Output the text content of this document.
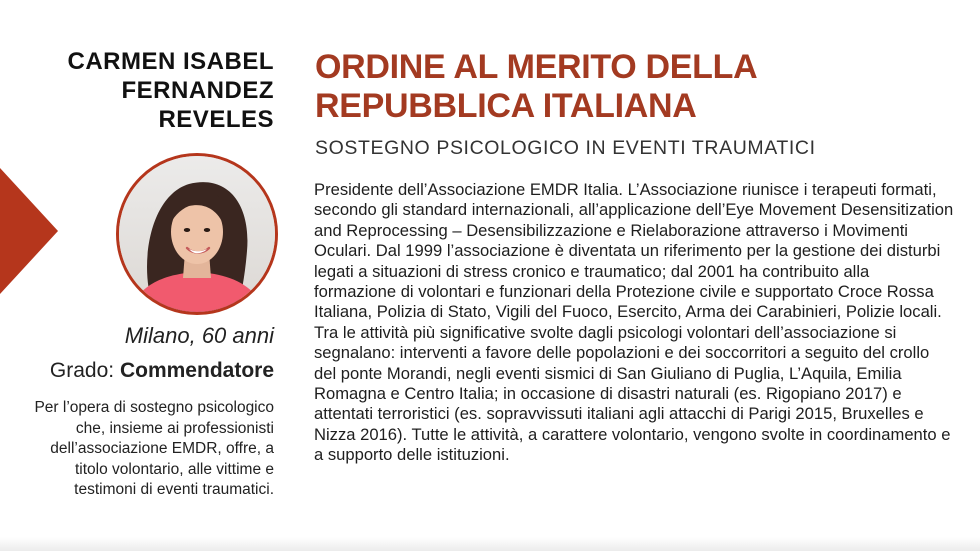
CARMEN ISABEL
FERNANDEZ
REVELES
Milano, 60 anni
Grado: Commendatore
Per l’opera di sostegno psicologico che, insieme ai professionisti dell’associazione EMDR, offre, a titolo volontario, alle vittime e testimoni di eventi traumatici.
ORDINE AL MERITO DELLA
REPUBBLICA ITALIANA
SOSTEGNO PSICOLOGICO IN EVENTI TRAUMATICI

Presidente dell’Associazione EMDR Italia. L’Associazione riunisce i terapeuti formati, secondo gli standard internazionali, all’applicazione dell’Eye Movement Desensitization and Reprocessing – Desensibilizzazione e Rielaborazione attraverso i Movimenti Oculari. Dal 1999 l’associazione è diventata un riferimento per la gestione dei disturbi legati a situazioni di stress cronico e traumatico; dal 2001 ha contribuito alla formazione di volontari e funzionari della Protezione civile e supportato Croce Rossa Italiana, Polizia di Stato, Vigili del Fuoco, Esercito, Arma dei Carabinieri, Polizie locali.

Tra le attività più significative svolte dagli psicologi volontari dell’associazione si segnalano: interventi a favore delle popolazioni e dei soccorritori a seguito del crollo del ponte Morandi, negli eventi sismici di San Giuliano di Puglia, L’Aquila, Emilia Romagna e Centro Italia; in occasione di disastri naturali (es. Rigopiano 2017) e attentati terroristici (es. sopravvissuti italiani agli attacchi di Parigi 2015, Bruxelles e Nizza 2016). Tutte le attività, a carattere volontario, vengono svolte in coordinamento e a supporto delle istituzioni.
